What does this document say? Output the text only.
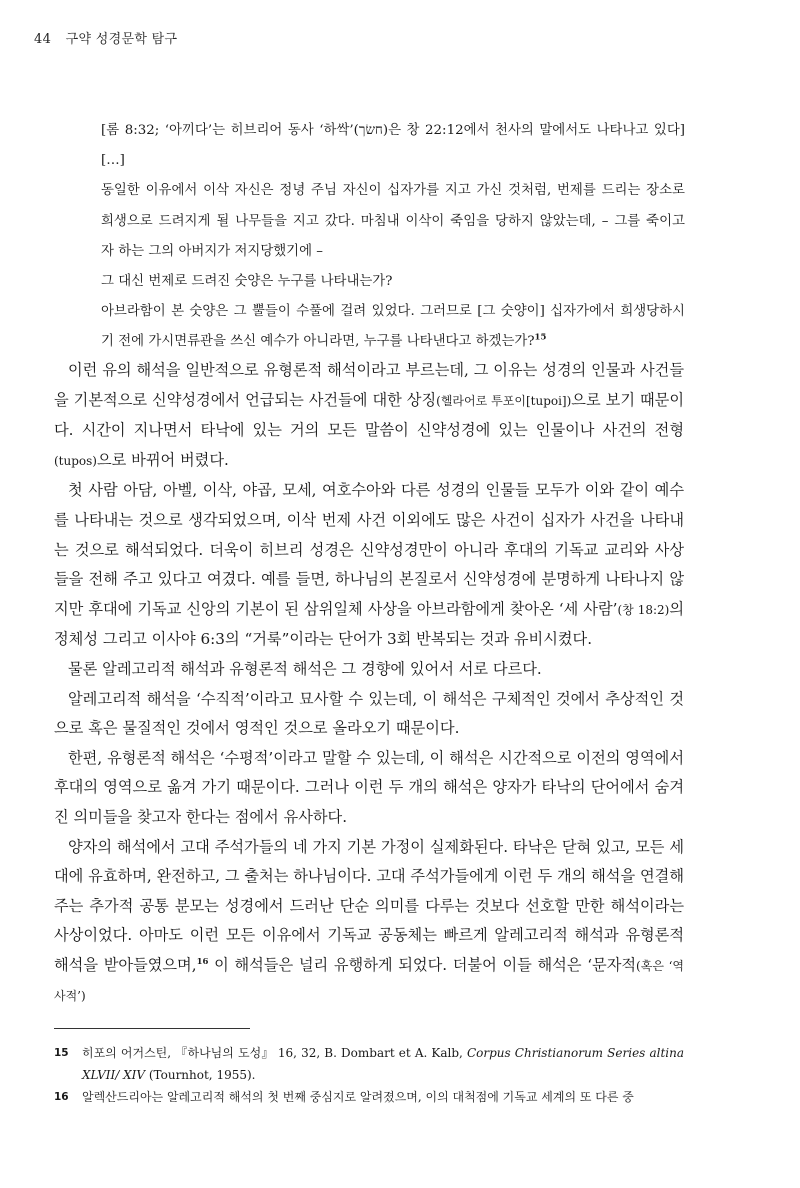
44 구약 성경문학 탐구

[롬 8:32; ‘아끼다’는 히브리어 동사 ‘하싹’(חשׂך)은 창 22:12에서 천사의 말에서도 나타나고 있다] […]

동일한 이유에서 이삭 자신은 정녕 주님 자신이 십자가를 지고 가신 것처럼, 번제를 드리는 장소로

희생으로 드려지게 될 나무들을 지고 갔다. 마침내 이삭이 죽임을 당하지 않았는데, – 그를 죽이고

자 하는 그의 아버지가 저지당했기에 –

그 대신 번제로 드려진 숫양은 누구를 나타내는가?

아브라함이 본 숫양은 그 뿔들이 수풀에 걸려 있었다. 그러므로 [그 숫양이] 십자가에서 희생당하시

기 전에 가시면류관을 쓰신 예수가 아니라면, 누구를 나타낸다고 하겠는가?$^{15}$

이런 유의 해석을 일반적으로 유형론적 해석이라고 부르는데, 그 이유는 성경의 인물과 사건들을 기본적으로 신약성경에서 언급되는 사건들에 대한 상징(헬라어로 투포이[tupoi])으로 보기 때문이다. 시간이 지나면서 타낙에 있는 거의 모든 말씀이 신약성경에 있는 인물이나 사건의 전형(tupos)으로 바뀌어 버렸다.

첫 사람 아담, 아벨, 이삭, 야곱, 모세, 여호수아와 다른 성경의 인물들 모두가 이와 같이 예수를 나타내는 것으로 생각되었으며, 이삭 번제 사건 이외에도 많은 사건이 십자가 사건을 나타내는 것으로 해석되었다. 더욱이 히브리 성경은 신약성경만이 아니라 후대의 기독교 교리와 사상들을 전해 주고 있다고 여겼다. 예를 들면, 하나님의 본질로서 신약성경에 분명하게 나타나지 않지만 후대에 기독교 신앙의 기본이 된 삼위일체 사상을 아브라함에게 찾아온 ‘세 사람’(창 18:2)의 정체성 그리고 이사야 6:3의 “거룩”이라는 단어가 3회 반복되는 것과 유비시켰다.

물론 알레고리적 해석과 유형론적 해석은 그 경향에 있어서 서로 다르다.

알레고리적 해석을 ‘수직적’이라고 묘사할 수 있는데, 이 해석은 구체적인 것에서 추상적인 것으로 혹은 물질적인 것에서 영적인 것으로 올라오기 때문이다.

한편, 유형론적 해석은 ‘수평적’이라고 말할 수 있는데, 이 해석은 시간적으로 이전의 영역에서 후대의 영역으로 옮겨 가기 때문이다. 그러나 이런 두 개의 해석은 양자가 타낙의 단어에서 숨겨진 의미들을 찾고자 한다는 점에서 유사하다.

양자의 해석에서 고대 주석가들의 네 가지 기본 가정이 실제화된다. 타낙은 닫혀 있고, 모든 세대에 유효하며, 완전하고, 그 출처는 하나님이다. 고대 주석가들에게 이런 두 개의 해석을 연결해 주는 추가적 공통 분모는 성경에서 드러난 단순 의미를 다루는 것보다 선호할 만한 해석이라는 사상이었다. 아마도 이런 모든 이유에서 기독교 공동체는 빠르게 알레고리적 해석과 유형론적 해석을 받아들였으며,$^{16}$ 이 해석들은 널리 유행하게 되었다. 더불어 이들 해석은 ‘문자적(혹은 ‘역사적’)

15 히포의 어거스틴, 『하나님의 도성』 16, 32, B. Dombart et A. Kalb, Corpus Christianorum Series altina XLVII/ XIV (Tournhot, 1955).
16 알렉산드리아는 알레고리적 해석의 첫 번째 중심지로 알려졌으며, 이의 대척점에 기독교 세계의 또 다른 중
